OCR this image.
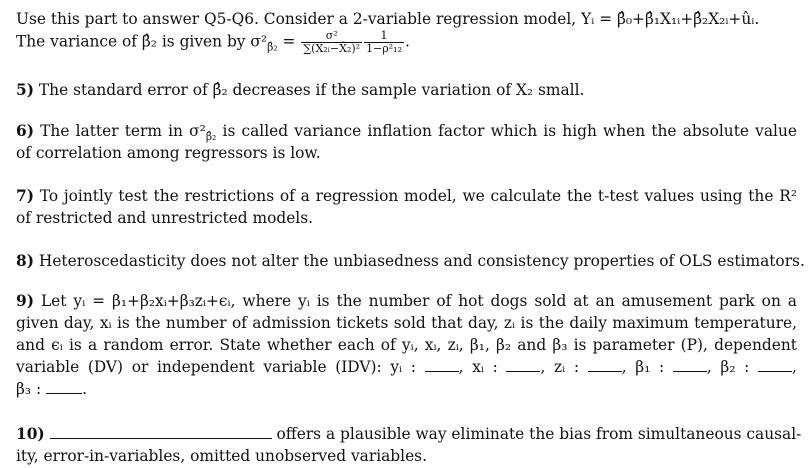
Use this part to answer Q5-Q6. Consider a 2-variable regression model, Yᵢ = β̂₀+β̂₁X₁ᵢ+β̂₂X₂ᵢ+ûᵢ.
The variance of β̂₂ is given by $\sigma^2_{\betâ_2} = \frac{\text{σ²}}{\text{∑(X₂ᵢ−X̄₂)²}} \frac{1}{\text{1−ρ²₁₂}}$ .
5) The standard error of β̂₂ decreases if the sample variation of X₂ small.
6) The latter term in $\sigma^2_{\betâ_2}$ is called variance inflation factor which is high when the absolute value
of correlation among regressors is low.
7) To jointly test the restrictions of a regression model, we calculate the t-test values using the R²
of restricted and unrestricted models.
8) Heteroscedasticity does not alter the unbiasedness and consistency properties of OLS estimators.
9) Let yᵢ = β₁+β₂xᵢ+β₃zᵢ+ϵᵢ, where yᵢ is the number of hot dogs sold at an amusement park on a
given day, xᵢ is the number of admission tickets sold that day, zᵢ is the daily maximum temperature,
and ϵᵢ is a random error. State whether each of yᵢ, xᵢ, zᵢ, β₁, β₂ and β₃ is parameter (P), dependent
variable (DV) or independent variable (IDV): yᵢ :	, xᵢ :	, zᵢ :	, β₁ :	, β₂ :	,
β₃ :	.
10)	offers a plausible way eliminate the bias from simultaneous causal-
ity, error-in-variables, omitted unobserved variables.
